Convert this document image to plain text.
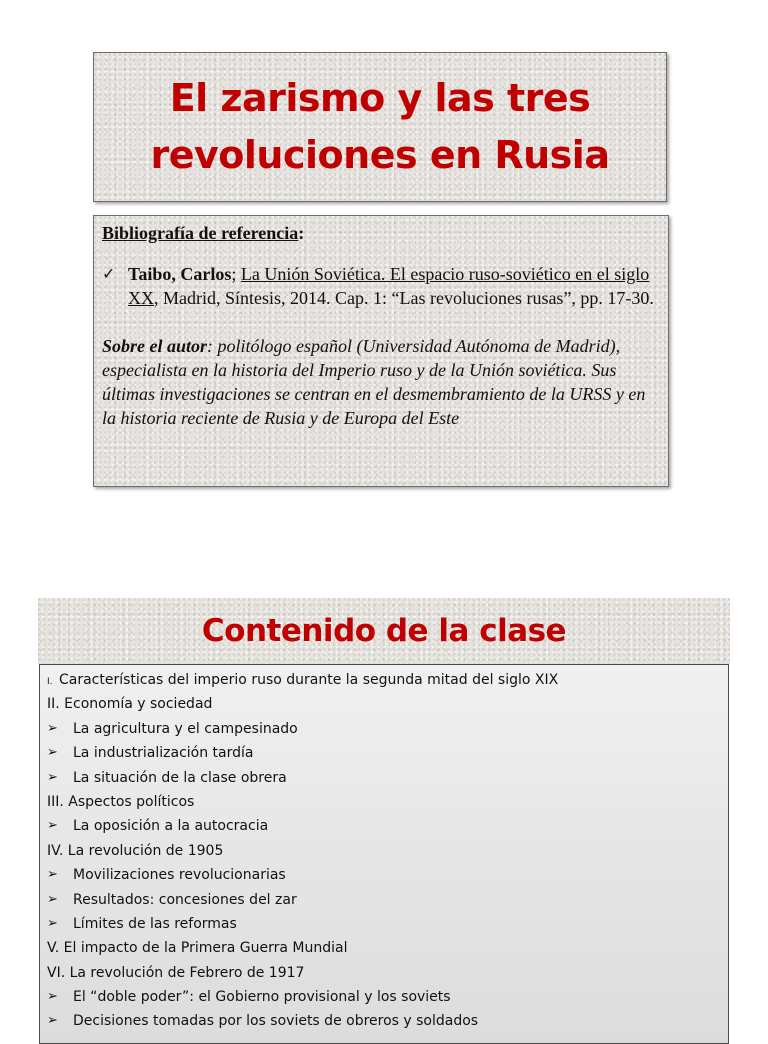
El zarismo y las tres
revoluciones en Rusia
Bibliografía de referencia:
✓ Taibo, Carlos; La Unión Soviética. El espacio ruso-soviético en el siglo XX, Madrid, Síntesis, 2014. Cap. 1: “Las revoluciones rusas”, pp. 17-30.
Sobre el autor: politólogo español (Universidad Autónoma de Madrid), especialista en la historia del Imperio ruso y de la Unión soviética. Sus últimas investigaciones se centran en el desmembramiento de la URSS y en la historia reciente de Rusia y de Europa del Este
Contenido de la clase
I. Características del imperio ruso durante la segunda mitad del siglo XIX
II. Economía y sociedad
➢	La agricultura y el campesinado
➢	La industrialización tardía
➢	La situación de la clase obrera
III. Aspectos políticos
➢	La oposición a la autocracia
IV. La revolución de 1905
➢	Movilizaciones revolucionarias
➢	Resultados: concesiones del zar
➢	Límites de las reformas
V. El impacto de la Primera Guerra Mundial
VI. La revolución de Febrero de 1917
➢	El “doble poder”: el Gobierno provisional y los soviets
➢	Decisiones tomadas por los soviets de obreros y soldados
